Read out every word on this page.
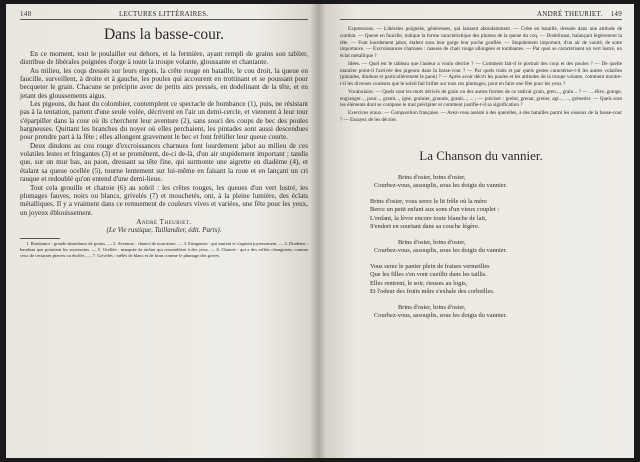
148	LECTURES LITTÉRAIRES.
Dans la basse-cour.

En ce moment, tout le poulailler est dehors, et la fermière, ayant rempli de grains son tablier, distribue de libérales poignées d'orge à toute la troupe volante, gloussante et chantante.

Au milieu, les coqs dressés sur leurs ergots, la crête rouge en bataille, le cou droit, la queue en faucille, surveillent, à droite et à gauche, les poules qui accourent en trottinant et se poussant pour becqueter le grain. Chacune se précipite avec de petits airs pressés, en dodelinant de la tête, et en jetant des gloussements aigus.

Les pigeons, du haut du colombier, contemplent ce spectacle de bombance (1), puis, ne résistant pas à la tentation, partent d'une seule volée, décrivent en l'air un demi-cercle, et viennent à leur tour s'éparpiller dans la cour où ils cherchent leur aventure (2), sans souci des coups de bec des poules hargneuses. Quittant les branches du noyer où elles perchaient, les pintades sont aussi descendues pour prendre part à la fête ; elles allongent gravement le bec et font frétiller leur queue courte.

Deux dindons au cou rouge d'excroissances charnues font lourdement jabot au milieu de ces volatiles lestes et fringantes (3) et se promènent, de-ci de-là, d'un air stupidement important ; tandis que, sur un mur bas, au paon, dressant sa tête fine, qui surmonte une aigrette en diadème (4), et étalant sa queue ocellée (5), tourne lentement sur lui-même en faisant la roue et en lançant un cri rauque et redoublé qu'on entend d'une demi-lieue.

Tout cela grouille et chatoie (6) au soleil : les crêtes rouges, les queues d'un vert lustré, les plumages fauves, noirs ou blancs, grivelés (7) et mouchetés, ont, à la pleine lumière, des éclats métalliques. Il y a vraiment dans ce remuement de couleurs vives et variées, une fête pour les yeux, un joyeux éblouissement.

André Theuriet.
(Le Vie rustique, Taillandier, édit. Paris).

1. Bombance : grande abondance de grains. — 2. Aventure : chance de nourriture. — 3. Fringantes : qui sautent et s'agitent joyeusement. — 4. Diadème : bandeau que portaient les souverains. — 5. Ocellée : marquée de taches qui ressemblent à des yeux. — 6. Chatoie : qui a des reflets changeants, comme ceux de certaines pierres ou étoffes. — 7. Grivelés : mêlés de blanc et de brun comme le plumage des grives.

ANDRÉ THEURIET. 149

Expressions. — Libérales poignées, généreuses, qui laissent abondamment. — Crête en bataille, dressée dans une attitude de combat. — Queue en faucille, indique la forme caractéristique des plumes de la queue du coq. — Dodelinant, balançant légèrement la tête. — Font lourdement jabot, étalent sous leur gorge leur poche gonflée. — Stupidement important, d'un air de vanité, de sotte importance. — Excroissances charnues : masses de chair rouge allongées et tombantes. — Par quoi se caractérisent un vert lustré, un éclat métallique ?

Idées. — Quel est le tableau que l'auteur a voulu décrire ? — Comment fait-il le portrait des coqs et des poules ? — De quelle manière point-il l'arrivée des pigeons dans la basse-cour ? — Par quels traits et par quels gestes caractérise-t-il les autres volatiles (pintades, dindons et particulièrement le paon) ? — Après avoir décrit les poules et les attitudes de la troupe volante, comment montre-t-il les diverses couleurs que le soleil fait briller sur tous ces plumages, pour en faire une fête pour les yeux ?

Vocabulaire. — Quels sont les mots dérivés de grain ou des autres formes de ce radical grain, gren..., grain... ? — ... élire, grange, engranger..., pour..., granit..., igné, grainier, granule, granit..., ... ; — préciser : grelot, grenat, grener, agr..., ..., grènetier. — Quels sont les éléments dont se compose le mot précipiter et comment justifie-t-il sa signification ?

Exercices oraux. — Composition française. — Avez-vous assisté à des querelles, à des batailles parmi les oiseaux de la basse-cour ? — Essayez de les décrire.

La Chanson du vannier.
Brins d'osier, brins d'osier,
Courbez-vous, assouplis, sous les doigts du vannier.
Brins d'osier, vous serez le lit frêle où la mère
Berce un petit enfant aux sons d'un vieux couplet :
L'enfant, la lèvre encore toute blanche de lait,
S'endort en souriant dans sa couche légère.
Brins d'osier, brins d'osier,
Courbez-vous, assouplis, sous les doigts du vannier.
Vous serez le panier plein de fraises vermeilles
Que les filles s'en vont cueillir dans les taillis.
Elles rentrent, le soir, rieuses au logis,
Et l'odeur des fruits mûrs s'exhale des corbeilles.
Brins d'osier, brins d'osier,
Courbez-vous, assouplis, sous les doigts du vannier.
